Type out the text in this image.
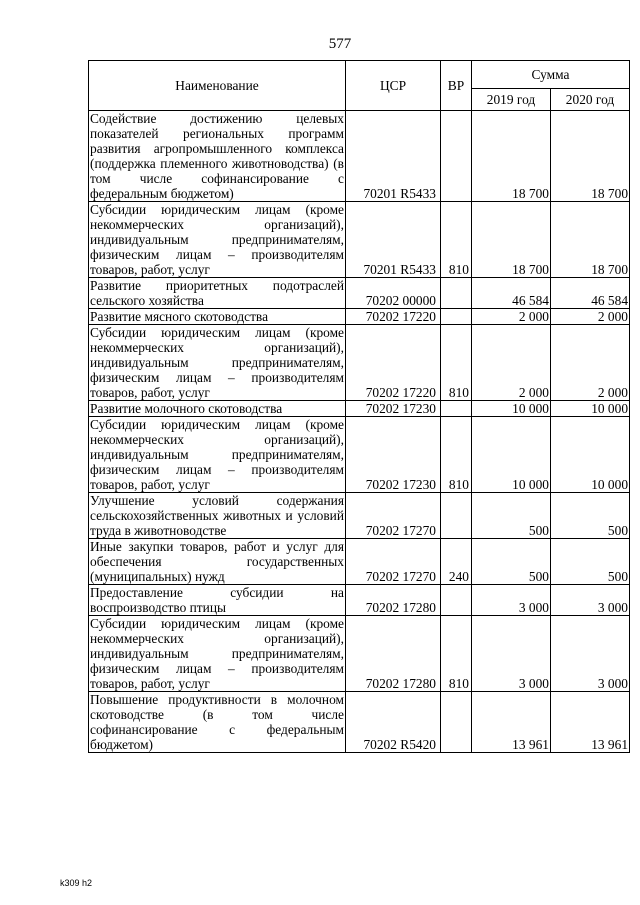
577
Наименование	ЦСР	ВР	Сумма	
			2019 год	2020 год
Содействие достижению целевых показателей региональных программ развития агропромышленного комплекса (поддержка племенного животноводства) (в том числе софинансирование с федеральным бюджетом)	70201 R5433		18 700	18 700
Субсидии юридическим лицам (кроме некоммерческих организаций), индивидуальным предпринимателям, физическим лицам – производителям товаров, работ, услуг	70201 R5433	810	18 700	18 700
Развитие приоритетных подотраслей сельского хозяйства	70202 00000		46 584	46 584
Развитие мясного скотоводства	70202 17220		2 000	2 000
Субсидии юридическим лицам (кроме некоммерческих организаций), индивидуальным предпринимателям, физическим лицам – производителям товаров, работ, услуг	70202 17220	810	2 000	2 000
Развитие молочного скотоводства	70202 17230		10 000	10 000
Субсидии юридическим лицам (кроме некоммерческих организаций), индивидуальным предпринимателям, физическим лицам – производителям товаров, работ, услуг	70202 17230	810	10 000	10 000
Улучшение условий содержания сельскохозяйственных животных и условий труда в животноводстве	70202 17270		500	500
Иные закупки товаров, работ и услуг для обеспечения государственных (муниципальных) нужд	70202 17270	240	500	500
Предоставление субсидии на воспроизводство птицы	70202 17280		3 000	3 000
Субсидии юридическим лицам (кроме некоммерческих организаций), индивидуальным предпринимателям, физическим лицам – производителям товаров, работ, услуг	70202 17280	810	3 000	3 000
Повышение продуктивности в молочном скотоводстве (в том числе софинансирование с федеральным бюджетом)	70202 R5420		13 961	13 961
k309 h2
